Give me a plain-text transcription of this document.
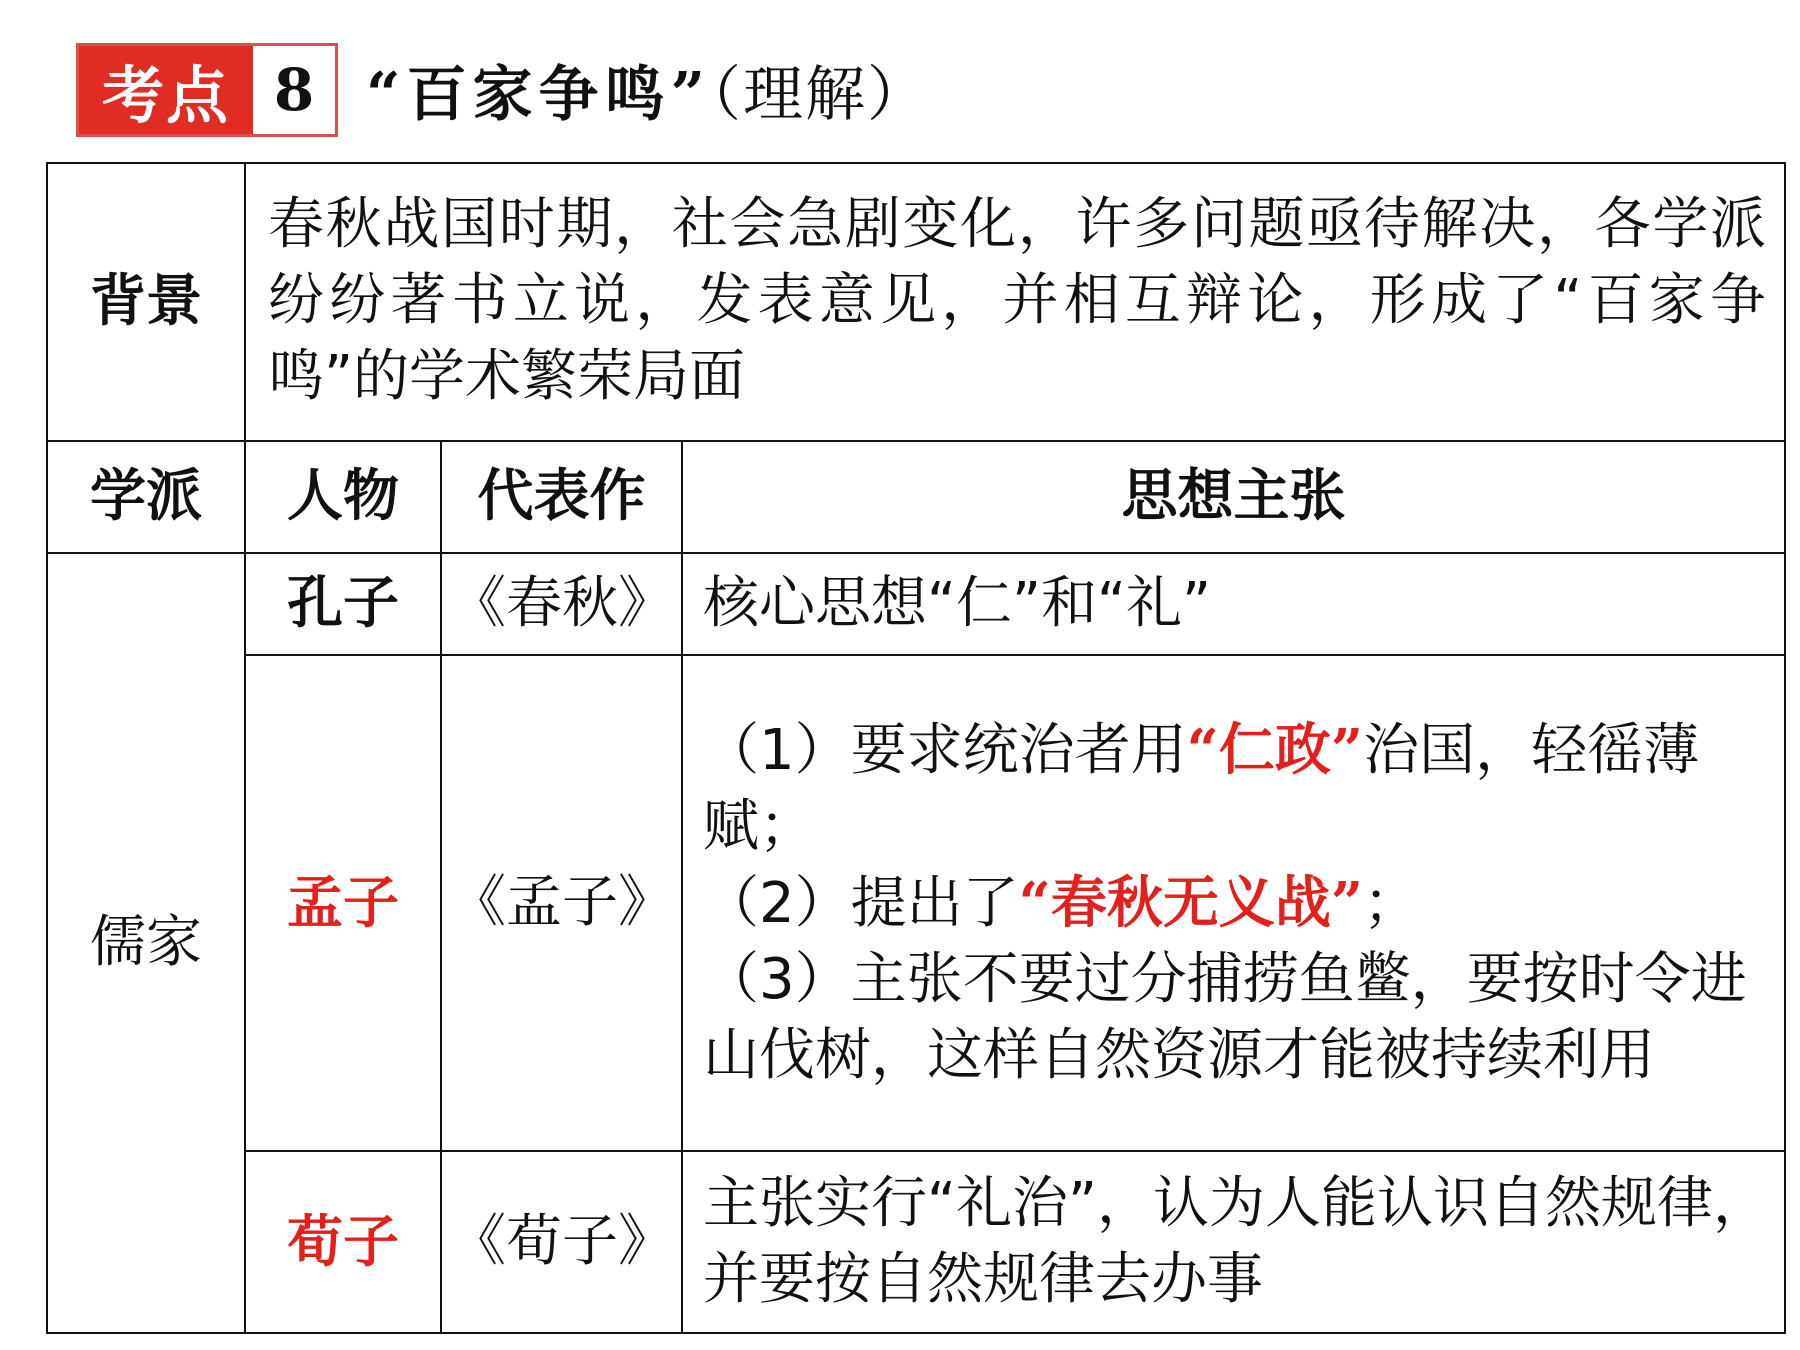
考点 8 “百家争鸣”（理解）
背景	春秋战国时期，社会急剧变化，许多问题亟待解决，各学派纷纷著书立说，发表意见，并相互辩论，形成了“百家争鸣”的学术繁荣局面		
学派	人物	代表作	思想主张
儒家	孔子	《春秋》	核心思想“仁”和“礼”
	孟子	《孟子》	（1）要求统治者用“仁政”治国，轻徭薄赋；
（2）提出了“春秋无义战”；
（3）主张不要过分捕捞鱼鳖，要按时令进山伐树，这样自然资源才能被持续利用

	荀子	《荀子》	主张实行“礼治”，认为人能认识自然规律，并要按自然规律去办事
